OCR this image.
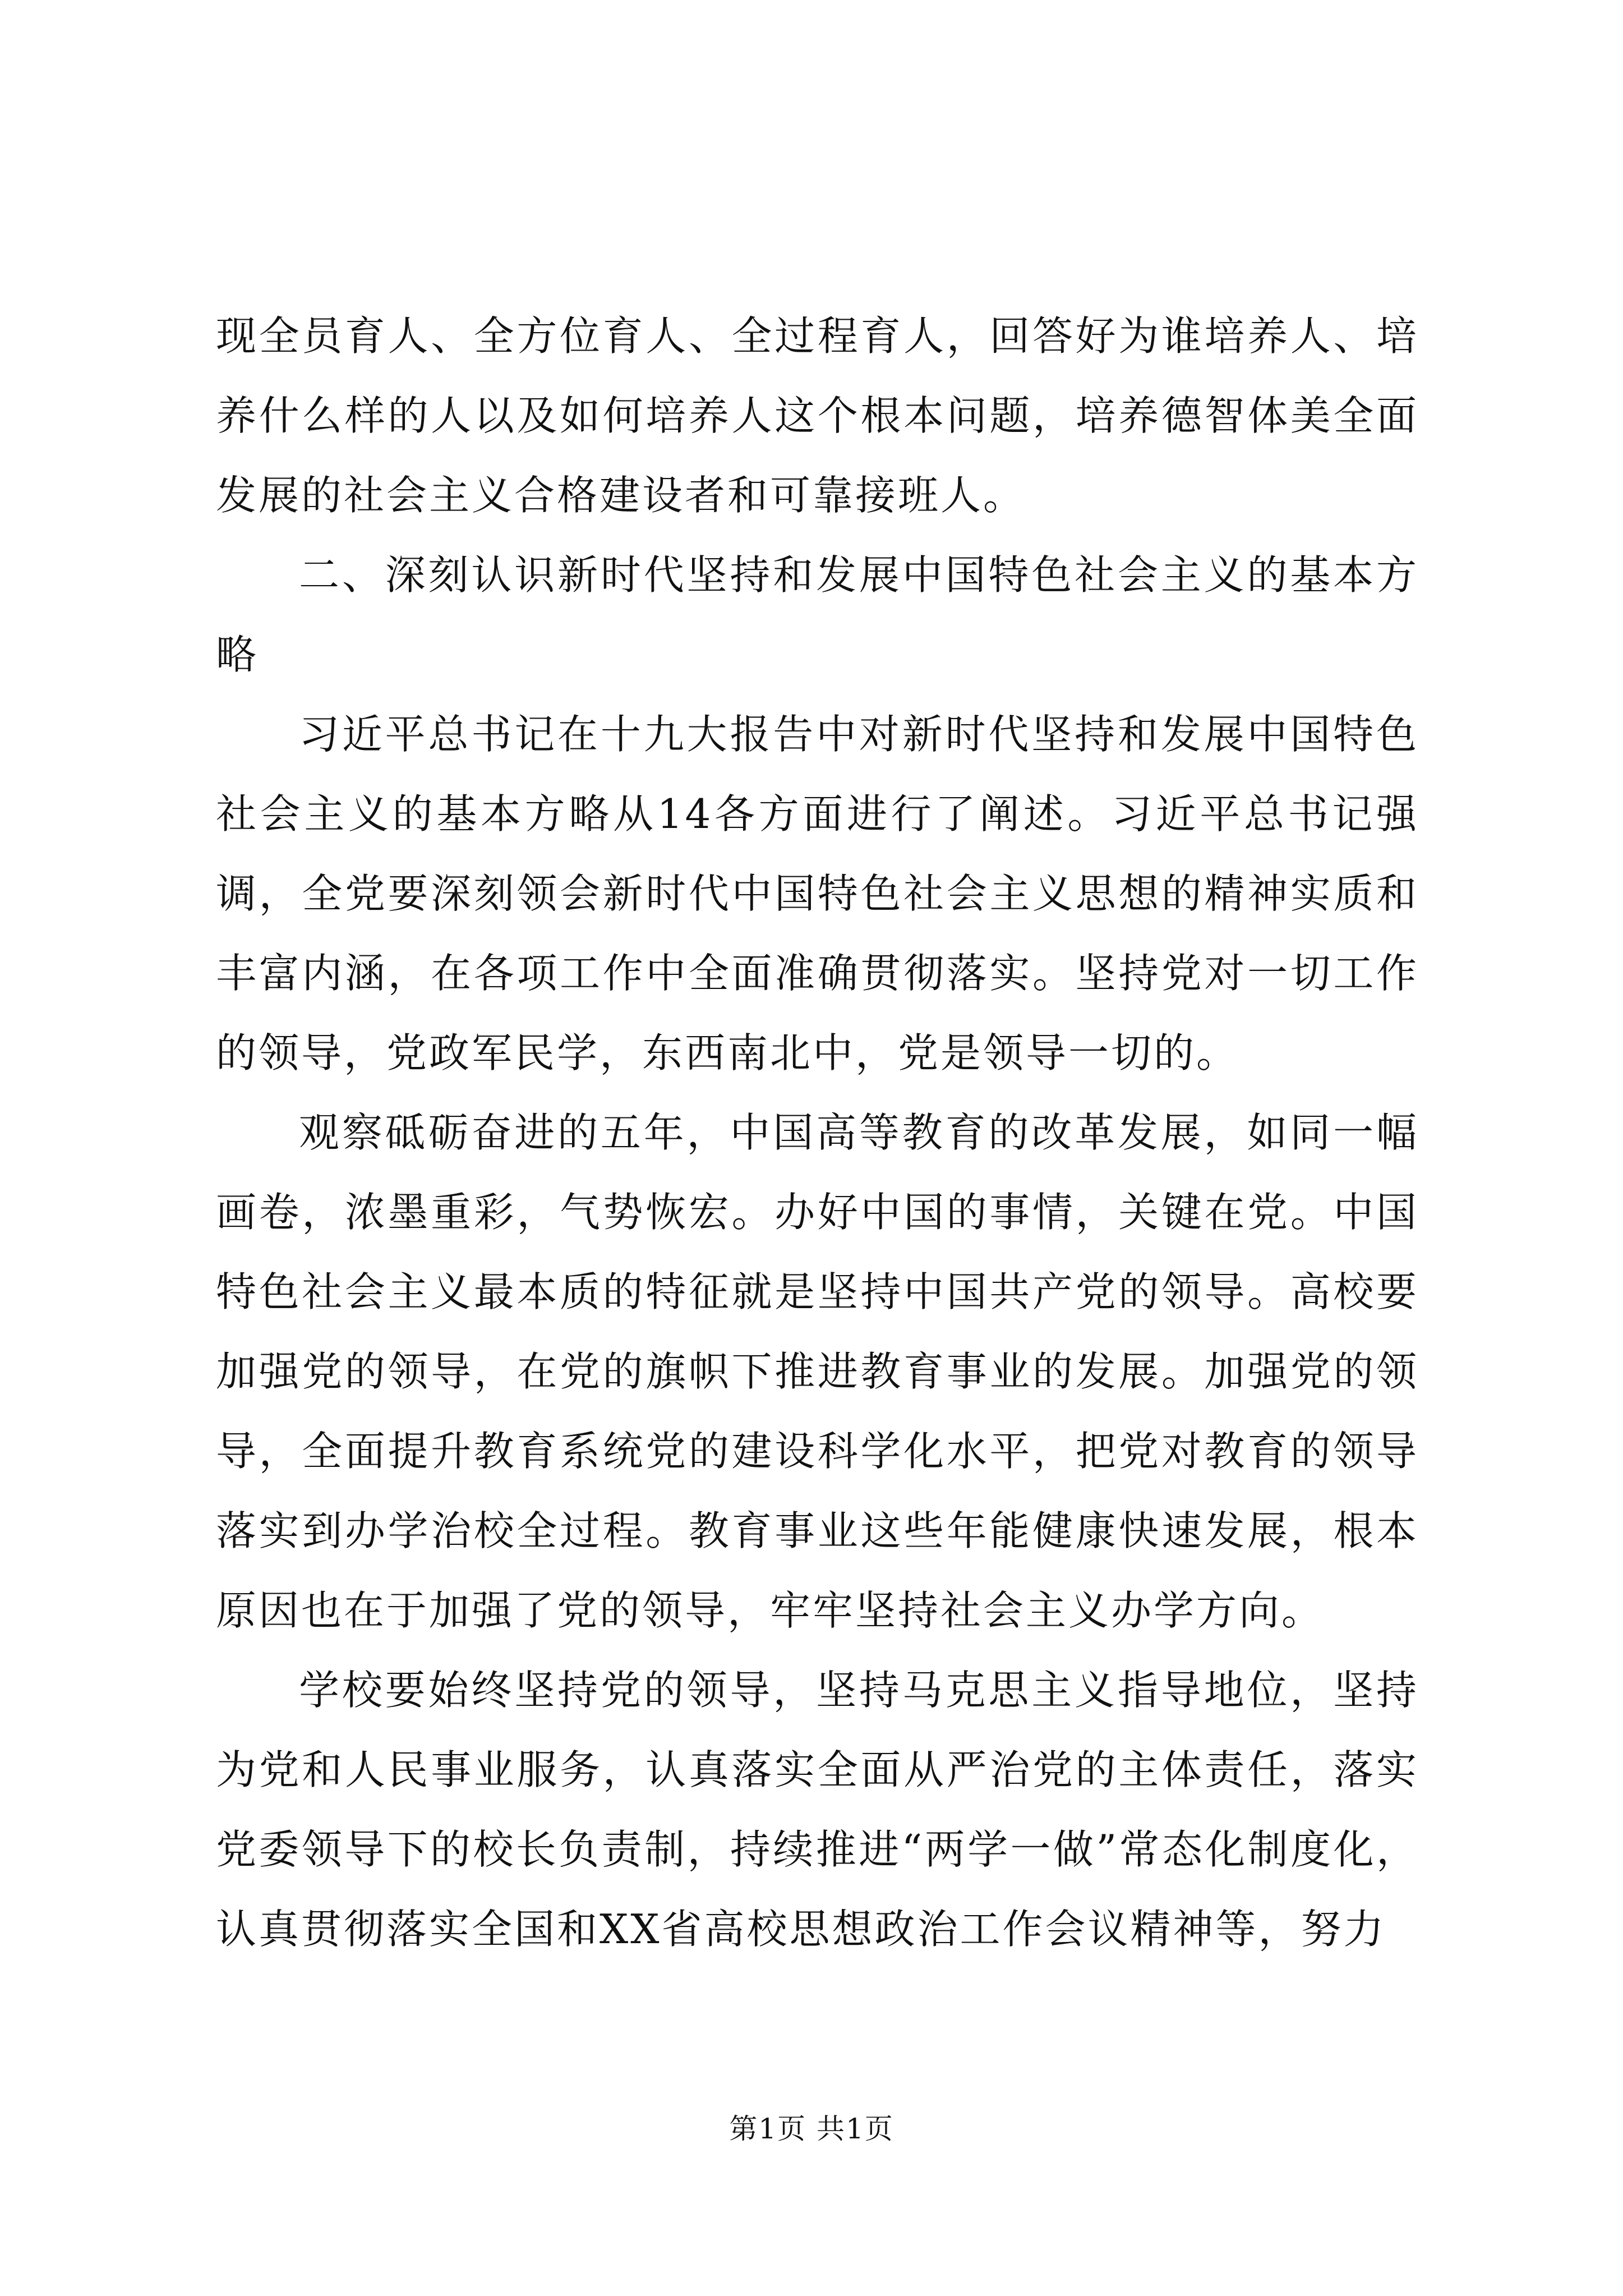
现全员育人、全方位育人、全过程育人，回答好为谁培养人、培养什么样的人以及如何培养人这个根本问题，培养德智体美全面发展的社会主义合格建设者和可靠接班人。

二、深刻认识新时代坚持和发展中国特色社会主义的基本方略

习近平总书记在十九大报告中对新时代坚持和发展中国特色社会主义的基本方略从14各方面进行了阐述。习近平总书记强调，全党要深刻领会新时代中国特色社会主义思想的精神实质和丰富内涵，在各项工作中全面准确贯彻落实。坚持党对一切工作的领导，党政军民学，东西南北中，党是领导一切的。

观察砥砺奋进的五年，中国高等教育的改革发展，如同一幅画卷，浓墨重彩，气势恢宏。办好中国的事情，关键在党。中国特色社会主义最本质的特征就是坚持中国共产党的领导。高校要加强党的领导，在党的旗帜下推进教育事业的发展。加强党的领导，全面提升教育系统党的建设科学化水平，把党对教育的领导落实到办学治校全过程。教育事业这些年能健康快速发展，根本原因也在于加强了党的领导，牢牢坚持社会主义办学方向。

学校要始终坚持党的领导，坚持马克思主义指导地位，坚持为党和人民事业服务，认真落实全面从严治党的主体责任，落实党委领导下的校长负责制，持续推进“两学一做”常态化制度化，认真贯彻落实全国和XX省高校思想政治工作会议精神等，努力

第1页 共1页
